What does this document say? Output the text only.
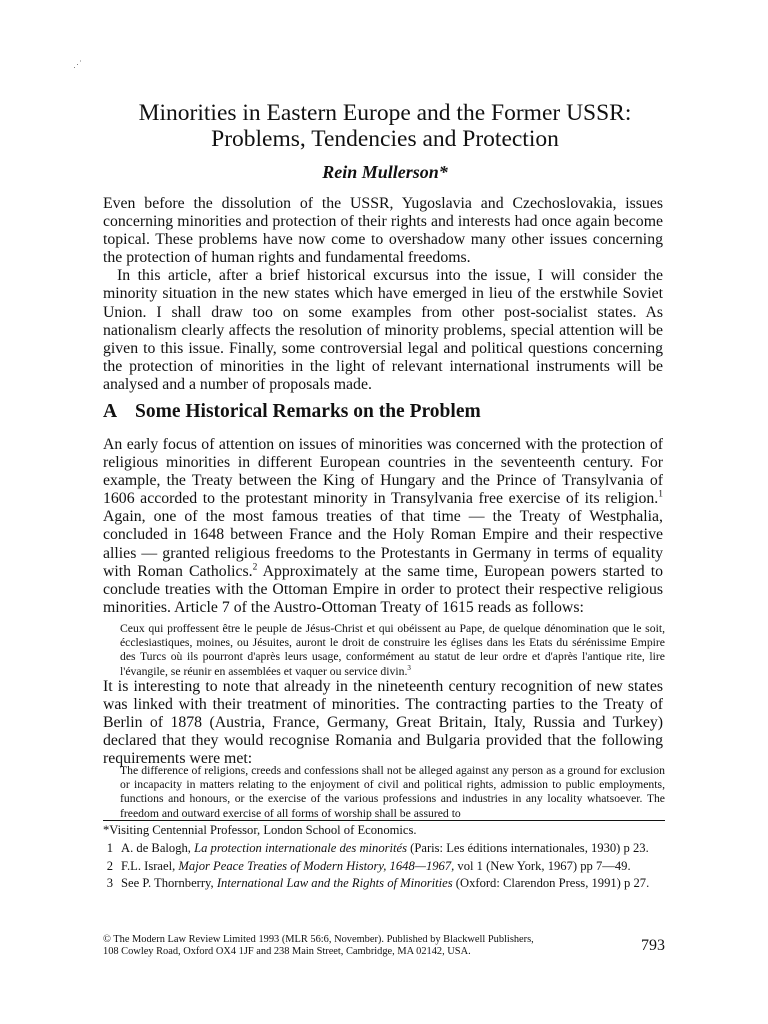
⋰
Minorities in Eastern Europe and the Former USSR:
Problems, Tendencies and Protection

Rein Mullerson*

Even before the dissolution of the USSR, Yugoslavia and Czechoslovakia, issues concerning minorities and protection of their rights and interests had once again become topical. These problems have now come to overshadow many other issues concerning the protection of human rights and fundamental freedoms.

In this article, after a brief historical excursus into the issue, I will consider the minority situation in the new states which have emerged in lieu of the erstwhile Soviet Union. I shall draw too on some examples from other post-socialist states. As nationalism clearly affects the resolution of minority problems, special attention will be given to this issue. Finally, some controversial legal and political questions concerning the protection of minorities in the light of relevant international instruments will be analysed and a number of proposals made.

A Some Historical Remarks on the Problem

An early focus of attention on issues of minorities was concerned with the protection of religious minorities in different European countries in the seventeenth century. For example, the Treaty between the King of Hungary and the Prince of Transylvania of 1606 accorded to the protestant minority in Transylvania free exercise of its religion.$^1$ Again, one of the most famous treaties of that time — the Treaty of Westphalia, concluded in 1648 between France and the Holy Roman Empire and their respective allies — granted religious freedoms to the Protestants in Germany in terms of equality with Roman Catholics.$^2$ Approximately at the same time, European powers started to conclude treaties with the Ottoman Empire in order to protect their respective religious minorities. Article 7 of the Austro-Ottoman Treaty of 1615 reads as follows:

Ceux qui proffessent être le peuple de Jésus-Christ et qui obéissent au Pape, de quelque dénomination que le soit, écclesiastiques, moines, ou Jésuites, auront le droit de construire les églises dans les Etats du sérénissime Empire des Turcs où ils pourront d'après leurs usage, conformément au statut de leur ordre et d'après l'antique rite, lire l'évangile, se réunir en assemblées et vaquer ou service divin.$^3$

It is interesting to note that already in the nineteenth century recognition of new states was linked with their treatment of minorities. The contracting parties to the Treaty of Berlin of 1878 (Austria, France, Germany, Great Britain, Italy, Russia and Turkey) declared that they would recognise Romania and Bulgaria provided that the following requirements were met:

The difference of religions, creeds and confessions shall not be alleged against any person as a ground for exclusion or incapacity in matters relating to the enjoyment of civil and political rights, admission to public employments, functions and honours, or the exercise of the various professions and industries in any locality whatsoever. The freedom and outward exercise of all forms of worship shall be assured to

*Visiting Centennial Professor, London School of Economics.

1 A. de Balogh, La protection internationale des minorités (Paris: Les éditions internationales, 1930) p 23.

2 F.L. Israel, Major Peace Treaties of Modern History, 1648—1967, vol 1 (New York, 1967) pp 7—49.

3 See P. Thornberry, International Law and the Rights of Minorities (Oxford: Clarendon Press, 1991) p 27.

© The Modern Law Review Limited 1993 (MLR 56:6, November). Published by Blackwell Publishers,
108 Cowley Road, Oxford OX4 1JF and 238 Main Street, Cambridge, MA 02142, USA.	793
